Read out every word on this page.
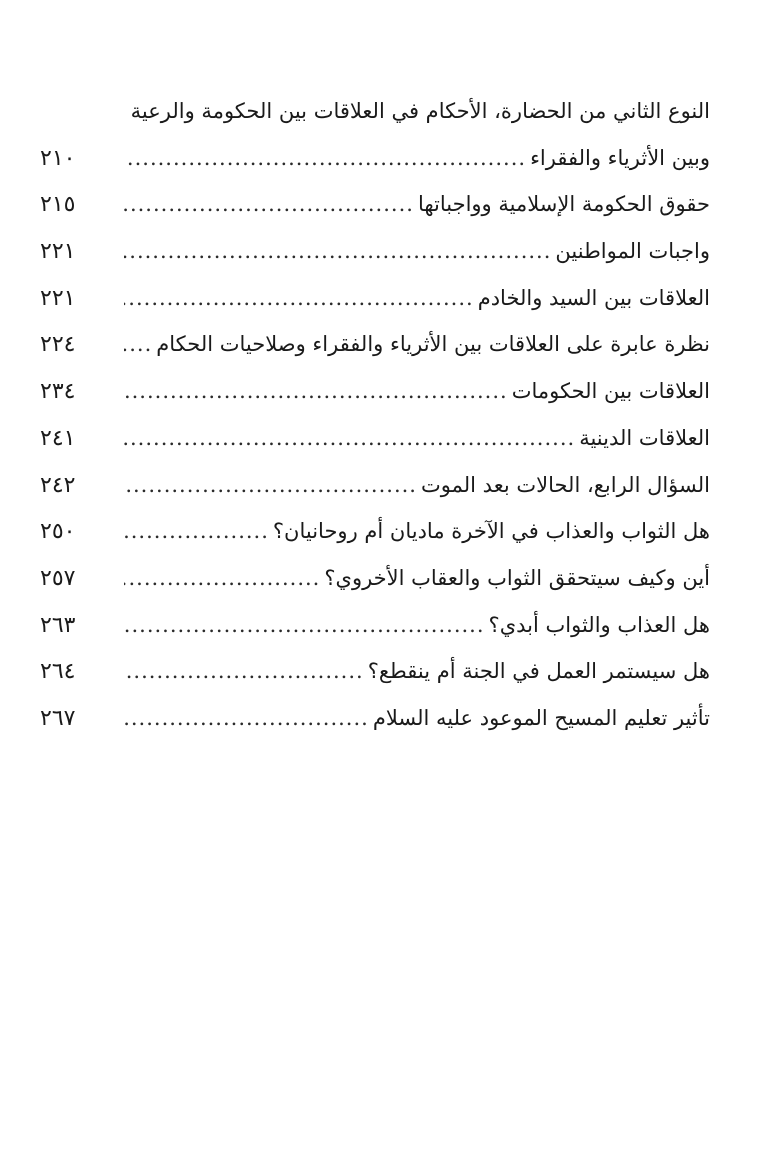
النوع الثاني من الحضارة، الأحكام في العلاقات بين الحكومة والرعية
وبين الأثرياء والفقراء
.....
٢١٠
حقوق الحكومة الإسلامية وواجباتها
.....
٢١٥
واجبات المواطنين
.....
٢٢١
العلاقات بين السيد والخادم
.....
٢٢١
نظرة عابرة على العلاقات بين الأثرياء والفقراء وصلاحيات الحكام
.....
٢٢٤
العلاقات بين الحكومات
.....
٢٣٤
العلاقات الدينية
.....
٢٤١
السؤال الرابع، الحالات بعد الموت
.....
٢٤٢
هل الثواب والعذاب في الآخرة ماديان أم روحانيان؟
.....
٢٥٠
أين وكيف سيتحقق الثواب والعقاب الأخروي؟
.....
٢٥٧
هل العذاب والثواب أبدي؟
.....
٢٦٣
هل سيستمر العمل في الجنة أم ينقطع؟
.....
٢٦٤
تأثير تعليم المسيح الموعود عليه السلام
.....
٢٦٧
